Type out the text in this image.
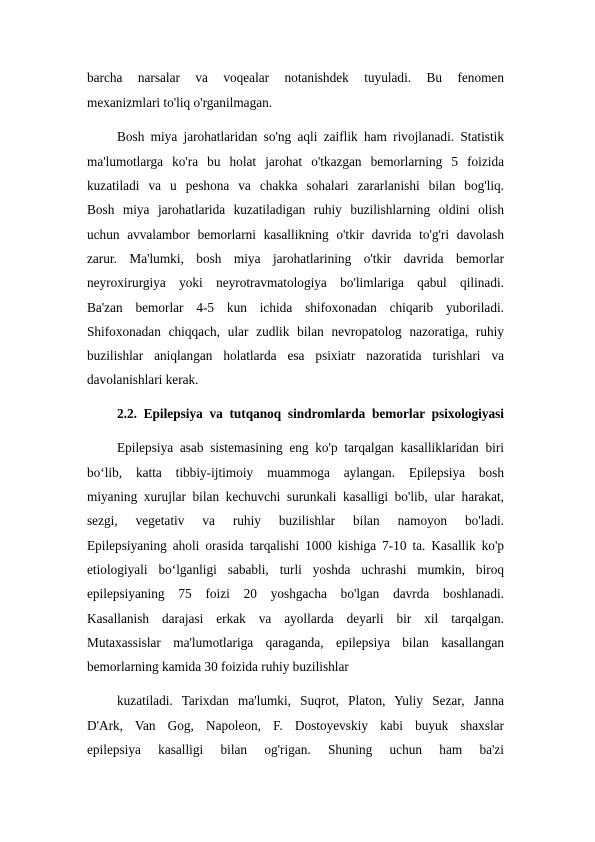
barcha narsalar va voqealar notanishdek tuyuladi. Bu fenomen
mexanizmlari to'liq o'rganilmagan.
Bosh miya jarohatlaridan so'ng aqli zaiflik ham rivojlanadi. Statistik
ma'lumotlarga ko'ra bu holat jarohat o'tkazgan bemorlarning 5 foizida
kuzatiladi va u peshona va chakka sohalari zararlanishi bilan bog'liq.
Bosh miya jarohatlarida kuzatiladigan ruhiy buzilishlarning oldini olish
uchun avvalambor bemorlarni kasallikning o'tkir davrida to'g'ri davolash
zarur. Ma'lumki, bosh miya jarohatlarining o'tkir davrida bemorlar
neyroxirurgiya yoki neyrotravmatologiya bo'limlariga qabul qilinadi.
Ba'zan bemorlar 4-5 kun ichida shifoxonadan chiqarib yuboriladi.
Shifoxonadan chiqqach, ular zudlik bilan nevropatolog nazoratiga, ruhiy
buzilishlar aniqlangan holatlarda esa psixiatr nazoratida turishlari va
davolanishlari kerak.
2.2. Epilepsiya va tutqanoq sindromlarda bemorlar psixologiyasi
Epilepsiya asab sistemasining eng ko'p tarqalgan kasalliklaridan biri
bo‘lib, katta tibbiy-ijtimoiy muammoga aylangan. Epilepsiya bosh
miyaning xurujlar bilan kechuvchi surunkali kasalligi bo'lib, ular harakat,
sezgi, vegetativ va ruhiy buzilishlar bilan namoyon bo'ladi.
Epilepsiyaning aholi orasida tarqalishi 1000 kishiga 7-10 ta. Kasallik ko'p
etiologiyali bo‘lganligi sababli, turli yoshda uchrashi mumkin, biroq
epilepsiyaning 75 foizi 20 yoshgacha bo'lgan davrda boshlanadi.
Kasallanish darajasi erkak va ayollarda deyarli bir xil tarqalgan.
Mutaxassislar ma'lumotlariga qaraganda, epilepsiya bilan kasallangan
bemorlarning kamida 30 foizida ruhiy buzilishlar
kuzatiladi. Tarixdan ma'lumki, Suqrot, Platon, Yuliy Sezar, Janna
D'Ark, Van Gog, Napoleon, F. Dostoyevskiy kabi buyuk shaxslar
epilepsiya kasalligi bilan og'rigan. Shuning uchun ham ba'zi
